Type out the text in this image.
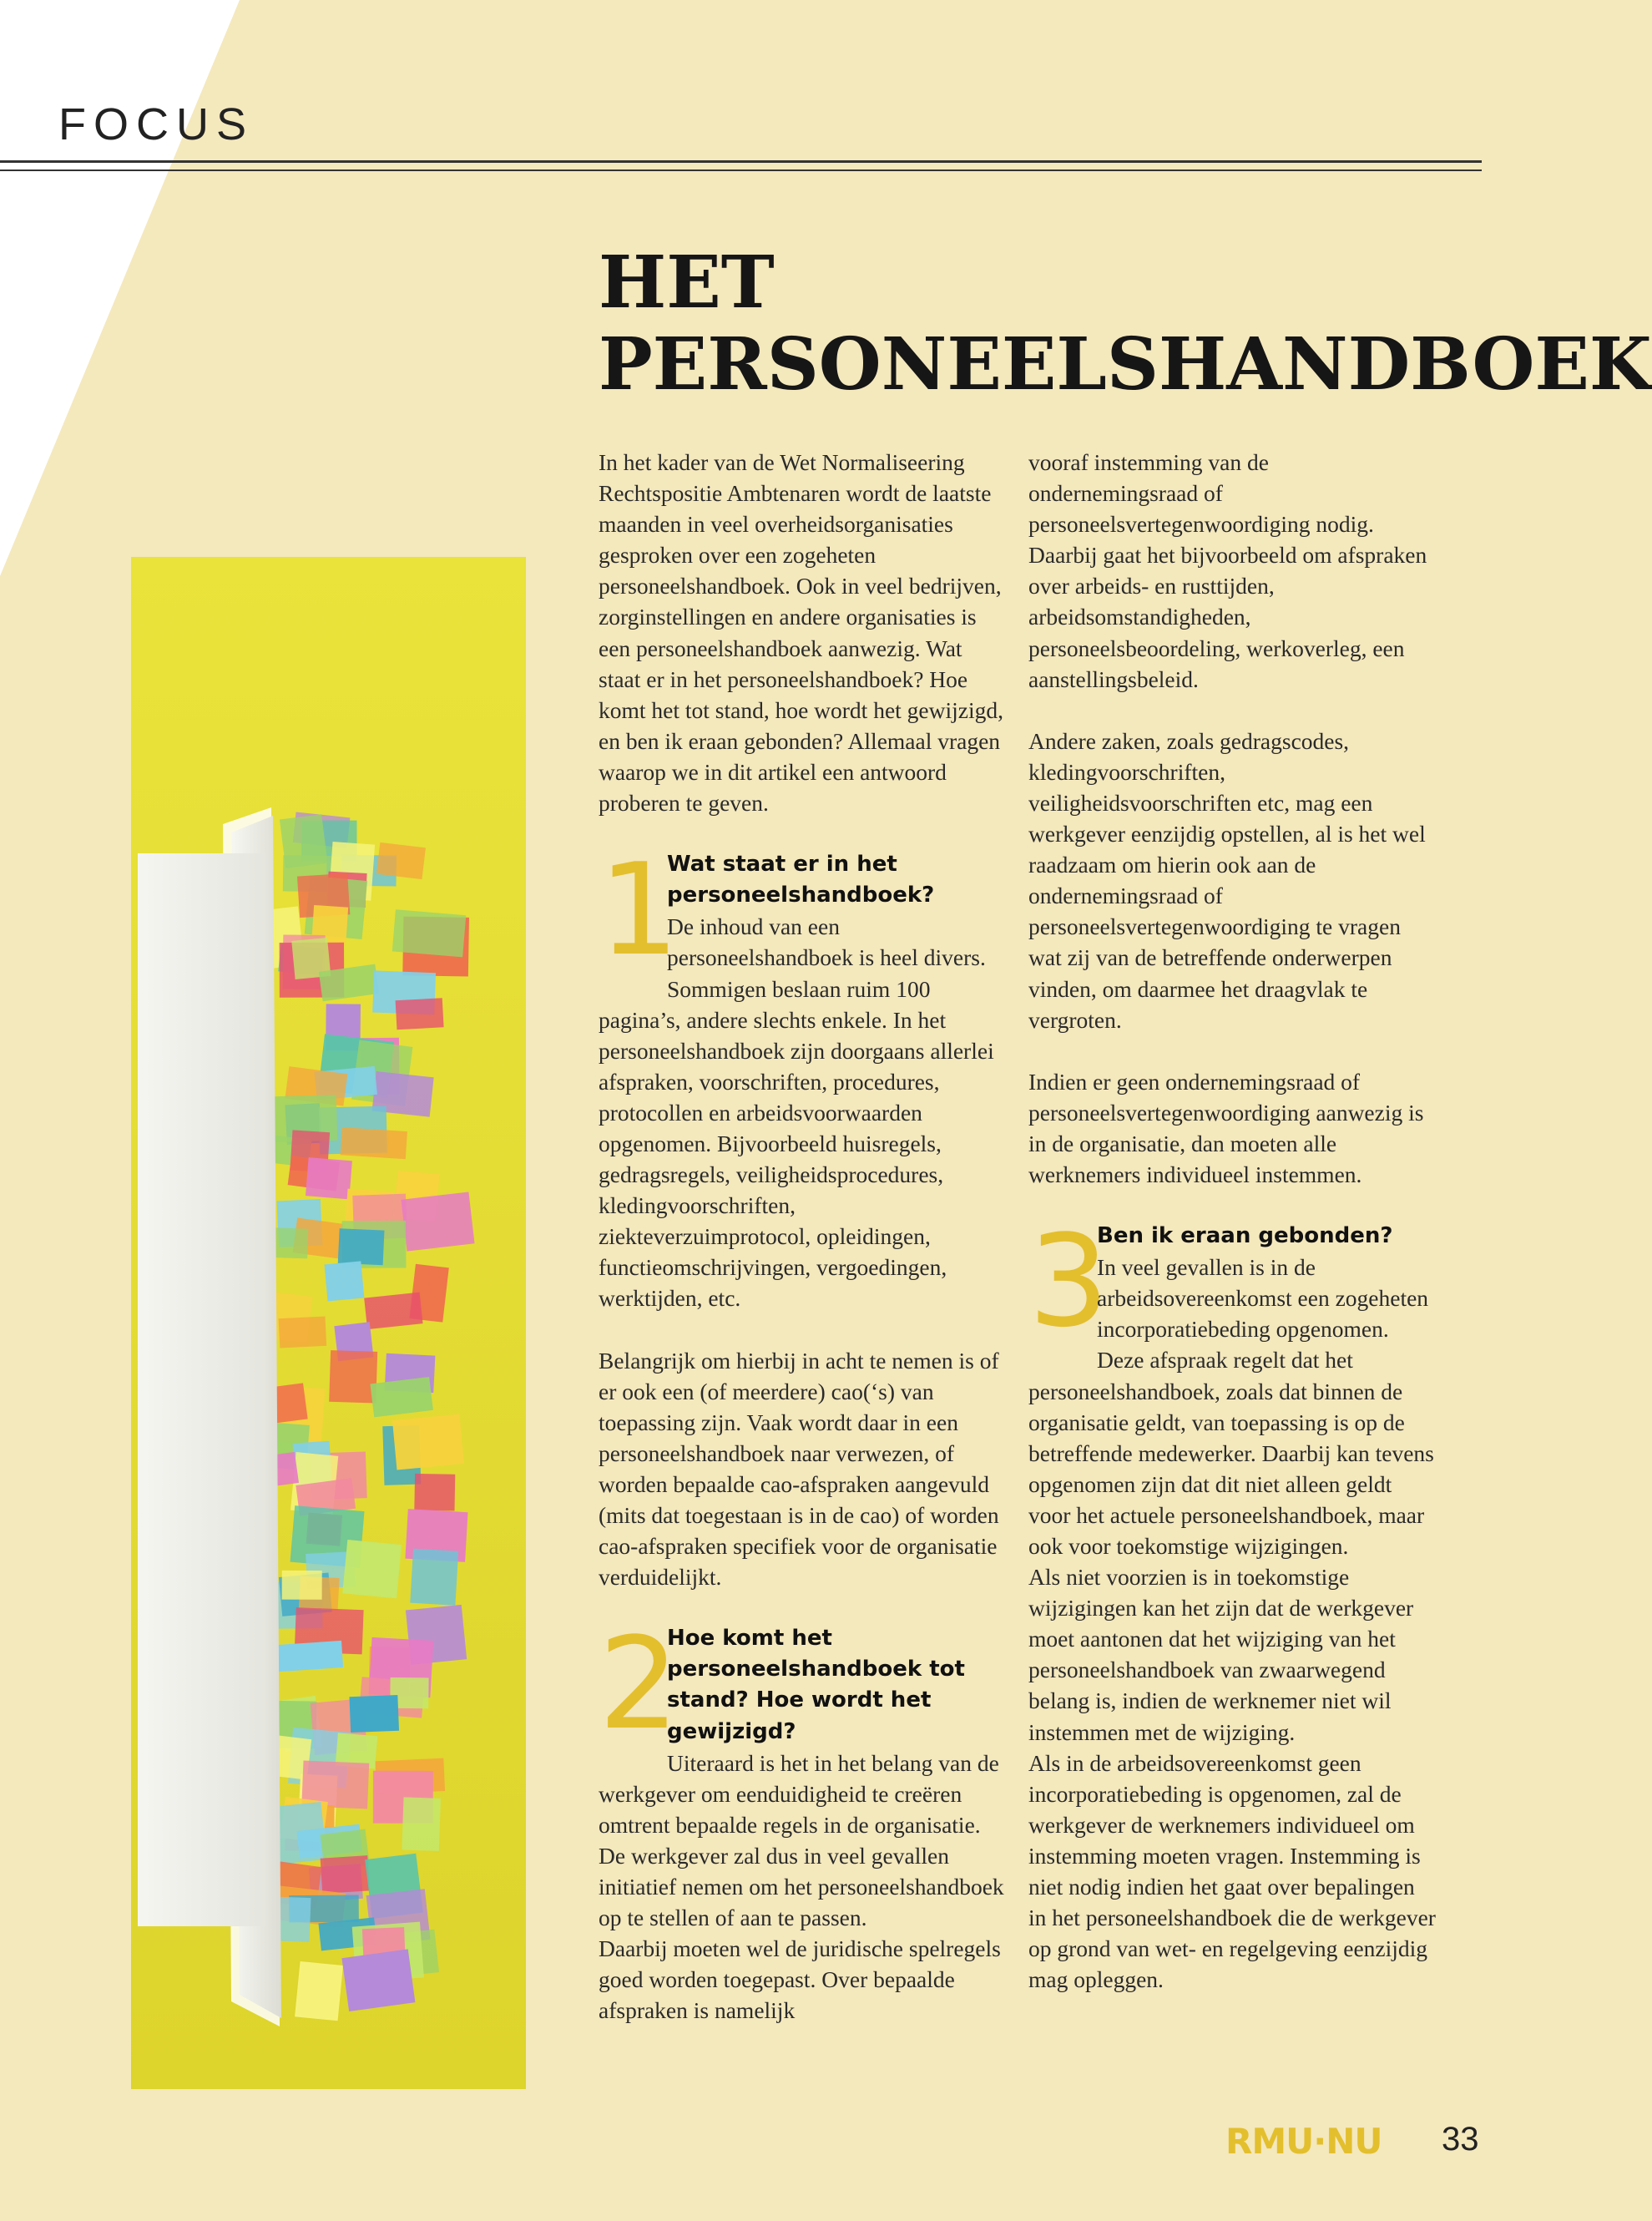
FOCUS
HET
PERSONEELSHANDBOEK

In het kader van de Wet Normaliseering Rechtspositie Ambtenaren wordt de laatste maanden in veel overheidsorganisaties gesproken over een zogeheten personeelshandboek. Ook in veel bedrijven, zorginstellingen en andere organisaties is een personeelshandboek aanwezig. Wat staat er in het personeelshandboek? Hoe komt het tot stand, hoe wordt het gewijzigd, en ben ik eraan gebonden? Allemaal vragen waarop we in dit artikel een antwoord proberen te geven.

1

Wat staat er in het personeelshandboek?

De inhoud van een personeelshandboek is heel divers. Sommigen beslaan ruim 100 pagina’s, andere slechts enkele. In het personeelshandboek zijn doorgaans allerlei afspraken, voorschriften, procedures, protocollen en arbeidsvoorwaarden opgenomen. Bijvoorbeeld huisregels, gedragsregels, veiligheidsprocedures, kledingvoorschriften, ziekteverzuimprotocol, opleidingen, functieomschrijvingen, vergoedingen, werktijden, etc.

Belangrijk om hierbij in acht te nemen is of er ook een (of meerdere) cao(‘s) van toepassing zijn. Vaak wordt daar in een personeelshandboek naar verwezen, of worden bepaalde cao-afspraken aangevuld (mits dat toegestaan is in de cao) of worden cao-afspraken specifiek voor de organisatie verduidelijkt.

2

Hoe komt het personeelshandboek tot stand? Hoe wordt het gewijzigd?

Uiteraard is het in het belang van de werkgever om eenduidigheid te creëren omtrent bepaalde regels in de organisatie. De werkgever zal dus in veel gevallen initiatief nemen om het personeelshandboek op te stellen of aan te passen.

Daarbij moeten wel de juridische spelregels goed worden toegepast. Over bepaalde afspraken is namelijk

vooraf instemming van de ondernemingsraad of personeelsvertegenwoordiging nodig. Daarbij gaat het bijvoorbeeld om afspraken over arbeids- en rusttijden, arbeidsomstandigheden, personeelsbeoordeling, werkoverleg, een aanstellingsbeleid.

Andere zaken, zoals gedragscodes, kledingvoorschriften, veiligheidsvoorschriften etc, mag een werkgever eenzijdig opstellen, al is het wel raadzaam om hierin ook aan de ondernemingsraad of personeelsvertegenwoordiging te vragen wat zij van de betreffende onderwerpen vinden, om daarmee het draagvlak te vergroten.

Indien er geen ondernemingsraad of personeelsvertegenwoordiging aanwezig is in de organisatie, dan moeten alle werknemers individueel instemmen.

3

Ben ik eraan gebonden?

In veel gevallen is in de arbeidsovereenkomst een zogeheten incorporatiebeding opgenomen. Deze afspraak regelt dat het personeelshandboek, zoals dat binnen de organisatie geldt, van toepassing is op de betreffende medewerker. Daarbij kan tevens opgenomen zijn dat dit niet alleen geldt voor het actuele personeelshandboek, maar ook voor toekomstige wijzigingen.

Als niet voorzien is in toekomstige wijzigingen kan het zijn dat de werkgever moet aantonen dat het wijziging van het personeelshandboek van zwaarwegend belang is, indien de werknemer niet wil instemmen met de wijziging.

Als in de arbeidsovereenkomst geen incorporatiebeding is opgenomen, zal de werkgever de werknemers individueel om instemming moeten vragen. Instemming is niet nodig indien het gaat over bepalingen in het personeelshandboek die de werkgever op grond van wet- en regelgeving eenzijdig mag opleggen.

RMU·NU 33
